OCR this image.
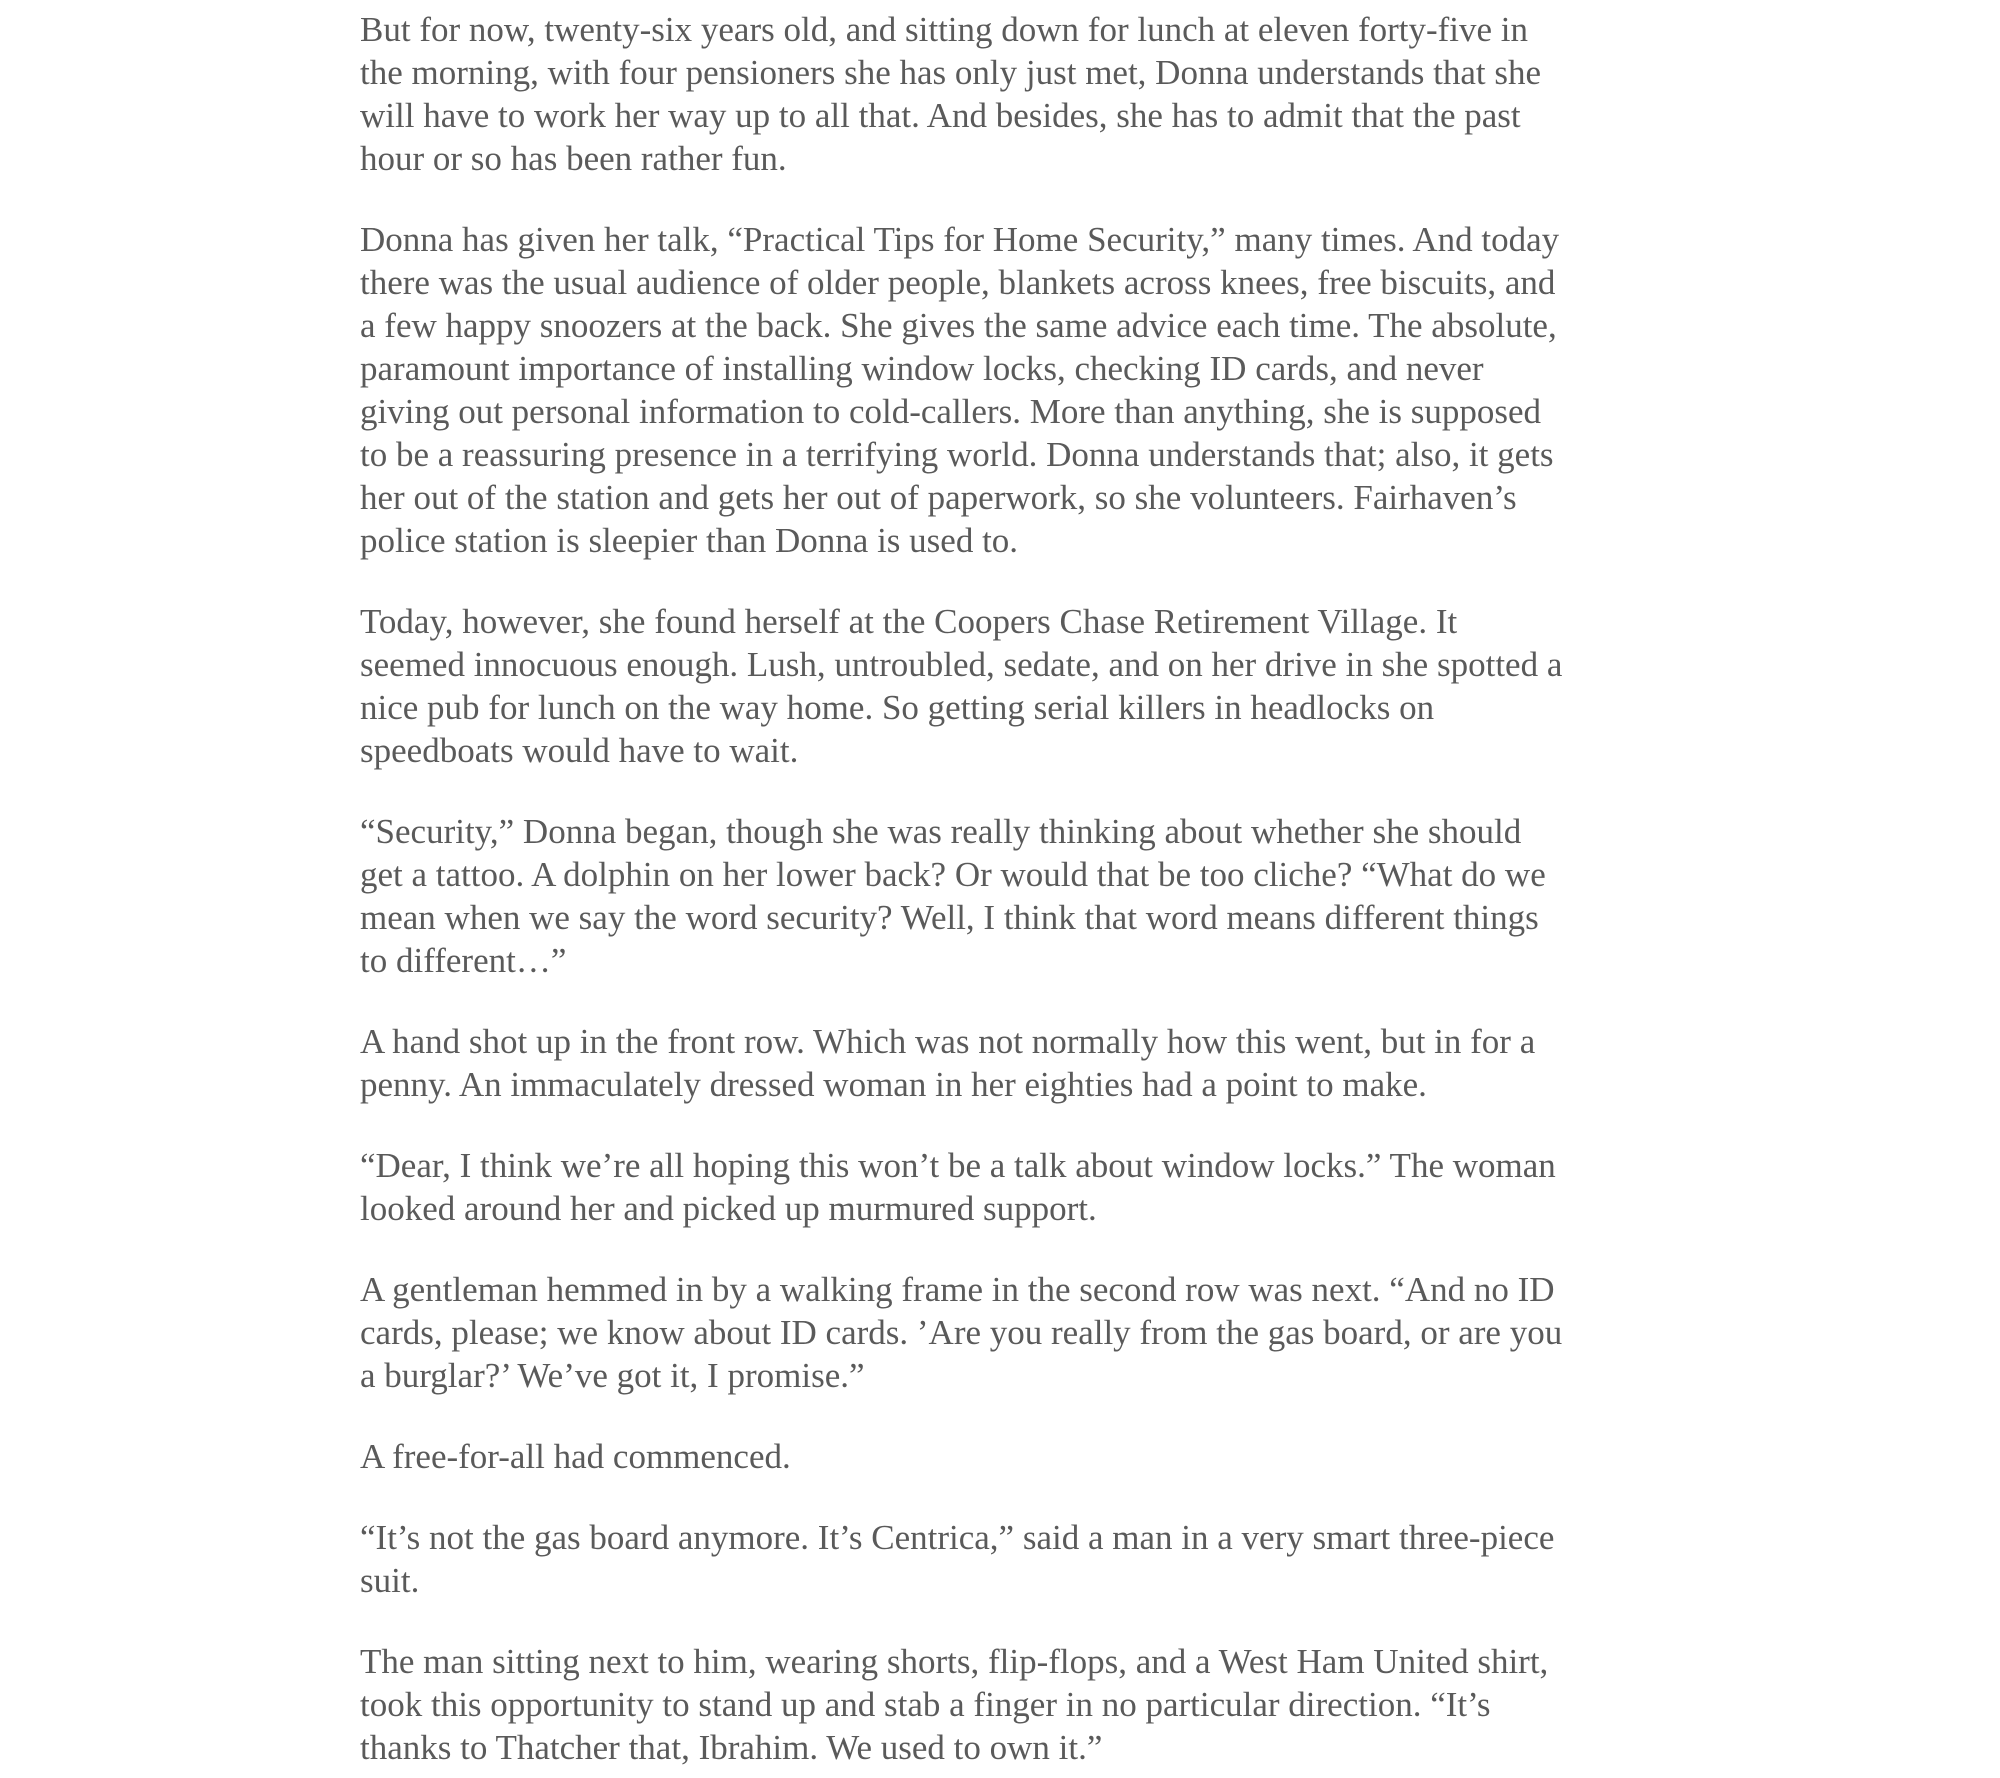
But for now, twenty-six years old, and sitting down for lunch at eleven forty-five in
the morning, with four pensioners she has only just met, Donna understands that she
will have to work her way up to all that. And besides, she has to admit that the past
hour or so has been rather fun.
Donna has given her talk, “Practical Tips for Home Security,” many times. And today
there was the usual audience of older people, blankets across knees, free biscuits, and
a few happy snoozers at the back. She gives the same advice each time. The absolute,
paramount importance of installing window locks, checking ID cards, and never
giving out personal information to cold-callers. More than anything, she is supposed
to be a reassuring presence in a terrifying world. Donna understands that; also, it gets
her out of the station and gets her out of paperwork, so she volunteers. Fairhaven’s
police station is sleepier than Donna is used to.
Today, however, she found herself at the Coopers Chase Retirement Village. It
seemed innocuous enough. Lush, untroubled, sedate, and on her drive in she spotted a
nice pub for lunch on the way home. So getting serial killers in headlocks on
speedboats would have to wait.
“Security,” Donna began, though she was really thinking about whether she should
get a tattoo. A dolphin on her lower back? Or would that be too cliche? “What do we
mean when we say the word security? Well, I think that word means different things
to different…”
A hand shot up in the front row. Which was not normally how this went, but in for a
penny. An immaculately dressed woman in her eighties had a point to make.
“Dear, I think we’re all hoping this won’t be a talk about window locks.” The woman
looked around her and picked up murmured support.
A gentleman hemmed in by a walking frame in the second row was next. “And no ID
cards, please; we know about ID cards. ’Are you really from the gas board, or are you
a burglar?’ We’ve got it, I promise.”
A free-for-all had commenced.
“It’s not the gas board anymore. It’s Centrica,” said a man in a very smart three-piece
suit.
The man sitting next to him, wearing shorts, flip-flops, and a West Ham United shirt,
took this opportunity to stand up and stab a finger in no particular direction. “It’s
thanks to Thatcher that, Ibrahim. We used to own it.”
